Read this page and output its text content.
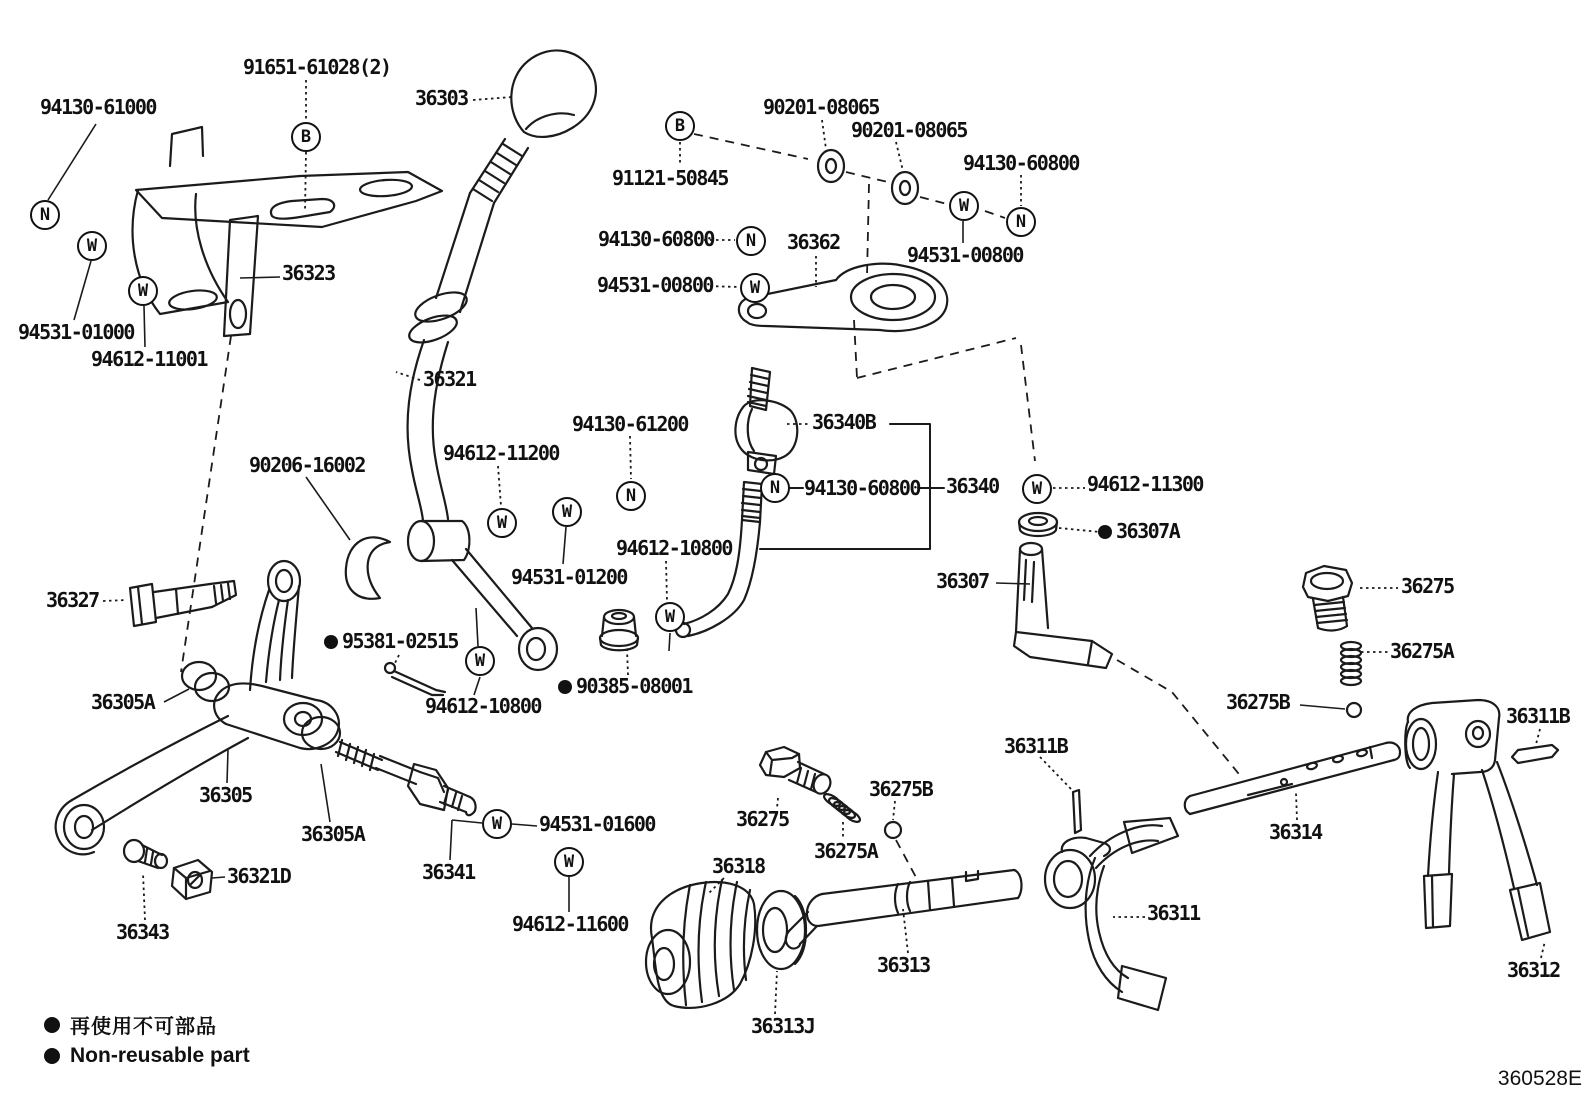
再使用不可部品
Non-reusable part
360528E
94130-61000
91651-61028(2)
36303
36323
94531-01000
94612-11001
90201-08065
90201-08065
91121-50845
94130-60800
94531-00800
94130-60800
94531-00800
36362
36321
94130-61200
94612-11200
94531-01200
36340B
94130-60800 36340	94612-11300
36307A
94612-10800
36307	36275
36275A
90206-16002
36327
95381-02515
90385-08001
36305A	94612-10800
36305
36305A
36321D
36343
36341
94531-01600
94612-11600
36275B
36275
36275A
36275B
36318
36311B
36311B
36314
36311
36313
36313J
36312
N
W
W
B
B
W
N
N
W
N
W
W
N	W
W
W
W
W
